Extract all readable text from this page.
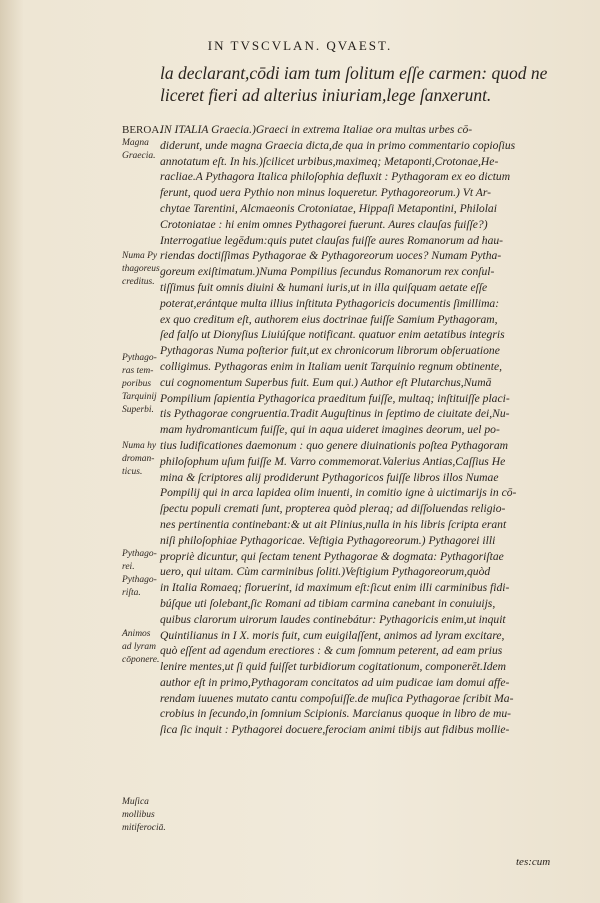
IN TVSCVLAN. QVAEST.
la declarant,cōdi iam tum ſolitum eſſe carmen: quod ne
liceret fieri ad alterius iniuriam,lege ſanxerunt.
BEROA.
Magna
Graecia.
Numa Py
thagoreus
creditus.
Pythago-
ras tem-
poribus
Tarquinij
Superbi.
Numa hy
droman-
ticus.
Pythago-
rei.
Pythago-
riſta.
Animos
ad lyram
cōponere.
Muſica
mollibus
mitiferociā.
IN ITALIA Graecia.)Graeci in extrema Italiae ora multas urbes cō-
diderunt, unde magna Graecia dicta,de qua in primo commentario copioſius
annotatum eſt. In his.)ſcilicet urbibus,maximeq; Metaponti,Crotonae,He-
racliae.A Pythagora Italica philoſophia defluxit : Pythagoram ex eo dictum
ferunt, quod uera Pythio non minus loqueretur. Pythagoreorum.) Vt Ar-
chytae Tarentini, Alcmaeonis Crotoniatae, Hippaſi Metapontini, Philolai
Crotoniatae : hi enim omnes Pythagorei fuerunt. Aures clauſas fuiſſe?)
Interrogatiue legēdum:quis putet clauſas fuiſſe aures Romanorum ad hau-
riendas doctiſſimas Pythagorae & Pythagoreorum uoces? Numam Pytha-
goreum exiſtimatum.)Numa Pompilius ſecundus Romanorum rex conſul-
tiſſimus fuit omnis diuini & humani iuris,ut in illa quiſquam aetate eſſe
poterat,erántque multa illius inſtituta Pythagoricis documentis ſimillima:
ex quo creditum eſt, authorem eius doctrinae fuiſſe Samium Pythagoram,
ſed falſo ut Dionyſius Liuiúſque notificant. quatuor enim aetatibus integris
Pythagoras Numa poſterior fuit,ut ex chronicorum librorum obſeruatione
colligimus. Pythagoras enim in Italiam uenit Tarquinio regnum obtinente,
cui cognomentum Superbus fuit. Eum qui.) Author eſt Plutarchus,Numā
Pompilium ſapientia Pythagorica praeditum fuiſſe, multaq; inſtituiſſe placi-
tis Pythagorae congruentia.Tradit Auguſtinus in ſeptimo de ciuitate dei,Nu-
mam hydromanticum fuiſſe, qui in aqua uideret imagines deorum, uel po-
tius ludificationes daemonum : quo genere diuinationis poſtea Pythagoram
philoſophum uſum fuiſſe M. Varro commemorat.Valerius Antias,Caſſius He
mina & ſcriptores alij prodiderunt Pythagoricos fuiſſe libros illos Numae
Pompilij qui in arca lapidea olim inuenti, in comitio igne à uictimarijs in cō-
ſpectu populi cremati ſunt, propterea quòd pleraq; ad diſſoluendas religio-
nes pertinentia continebant:& ut ait Plinius,nulla in his libris ſcripta erant
niſi philoſophiae Pythagoricae. Veſtigia Pythagoreorum.) Pythagorei illi
propriè dicuntur, qui ſectam tenent Pythagorae & dogmata: Pythagoriſtae
uero, qui uitam. Cùm carminibus ſoliti.)Veſtigium Pythagoreorum,quòd
in Italia Romaeq; floruerint, id maximum eſt:ſicut enim illi carminibus fidi-
búſque uti ſolebant,ſic Romani ad tibiam carmina canebant in conuiuijs,
quibus clarorum uirorum laudes continebátur: Pythagoricis enim,ut inquit
Quintilianus in I X. moris fuit, cum euigilaſſent, animos ad lyram excitare,
quò eſſent ad agendum erectiores : & cum ſomnum peterent, ad eam prius
lenire mentes,ut ſi quid fuiſſet turbidiorum cogitationum, componerēt.Idem
author eſt in primo,Pythagoram concitatos ad uim pudicae iam domui affe-
rendam iuuenes mutato cantu compoſuiſſe.de muſica Pythagorae ſcribit Ma-
crobius in ſecundo,in ſomnium Scipionis. Marcianus quoque in libro de mu-
ſica ſic inquit : Pythagorei docuere,ferociam animi tibijs aut fidibus mollie-
tes:cum
